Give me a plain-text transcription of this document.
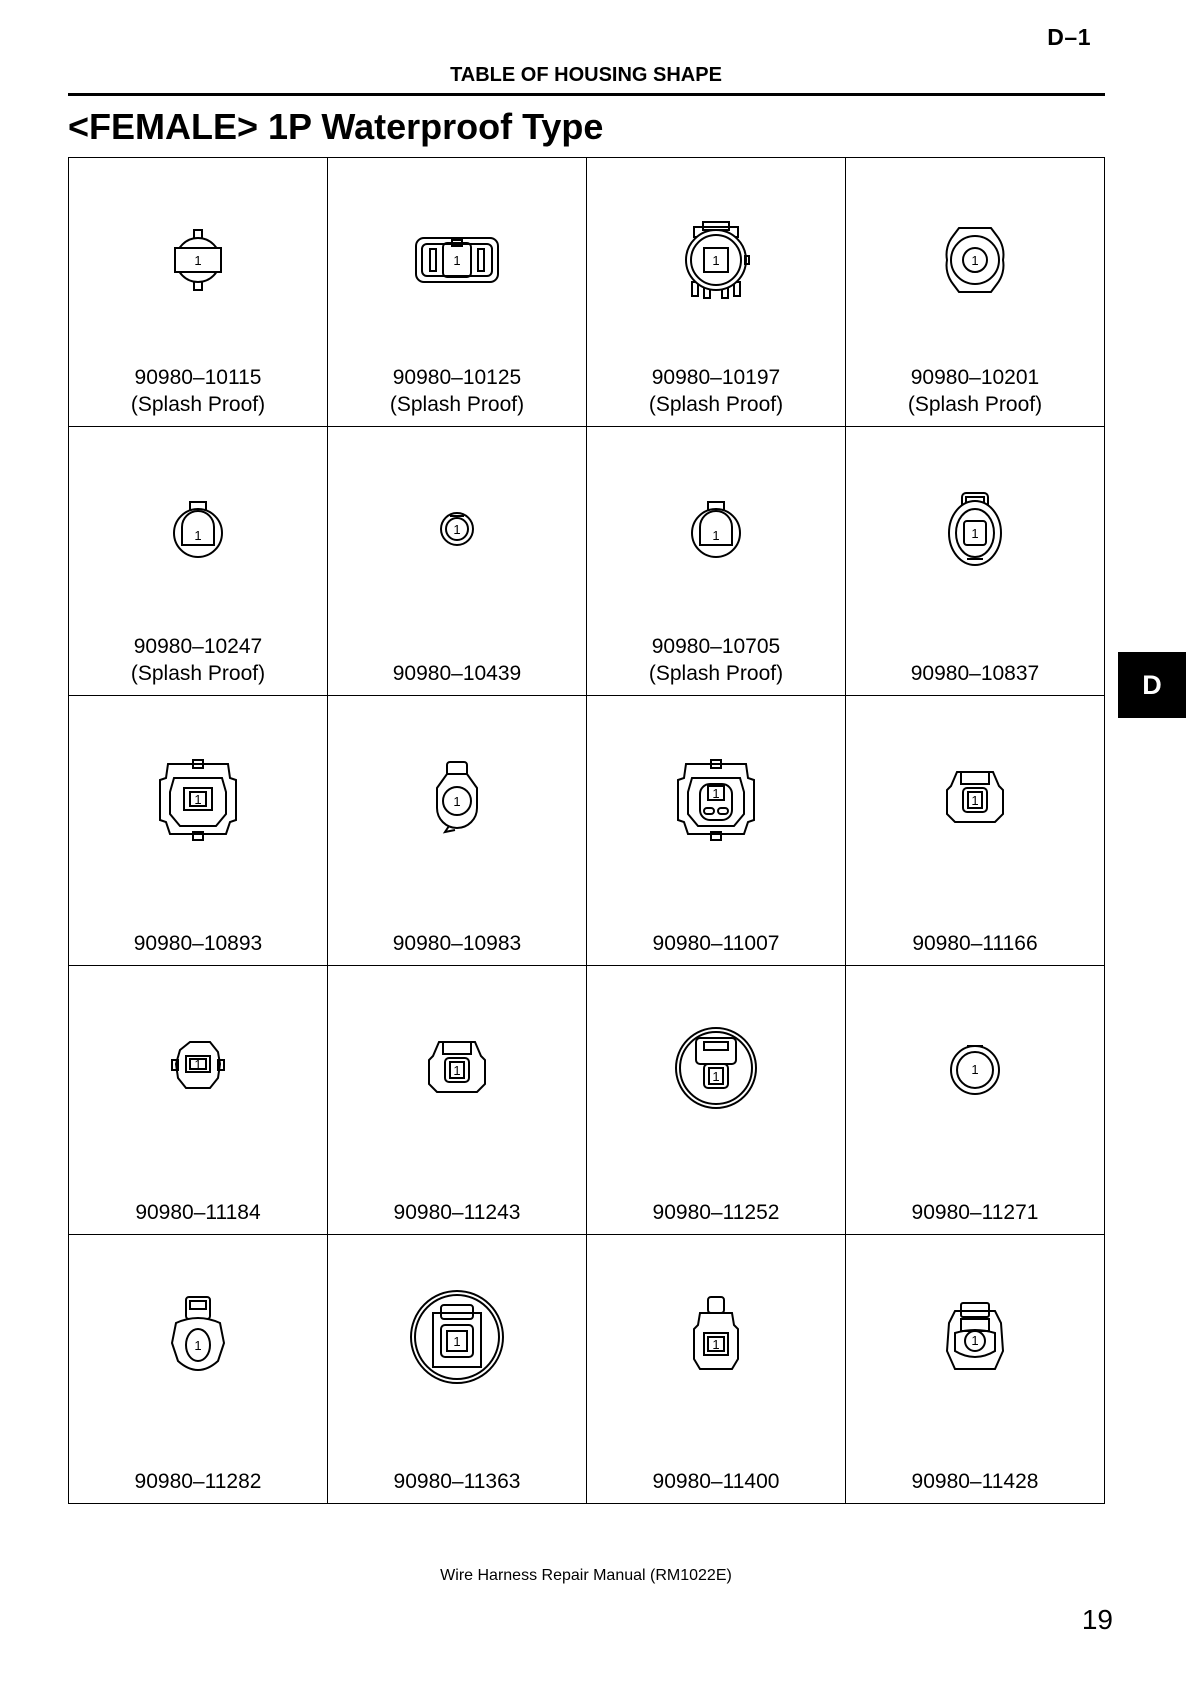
D–1
TABLE OF HOUSING SHAPE
<FEMALE> 1P Waterproof Type
1
90980–10115
(Splash Proof)
1
90980–10125
(Splash Proof)
1
90980–10197
(Splash Proof)
1
90980–10201
(Splash Proof)
1
90980–10247
(Splash Proof)
1
90980–10439
1
90980–10705
(Splash Proof)
1
90980–10837
1
90980–10893
1
90980–10983
1
90980–11007
1
90980–11166
1
90980–11184
1
90980–11243
1
90980–11252
1
90980–11271
1
90980–11282
1
90980–11363
1
90980–11400
1
90980–11428
D
Wire Harness Repair Manual (RM1022E)
19
